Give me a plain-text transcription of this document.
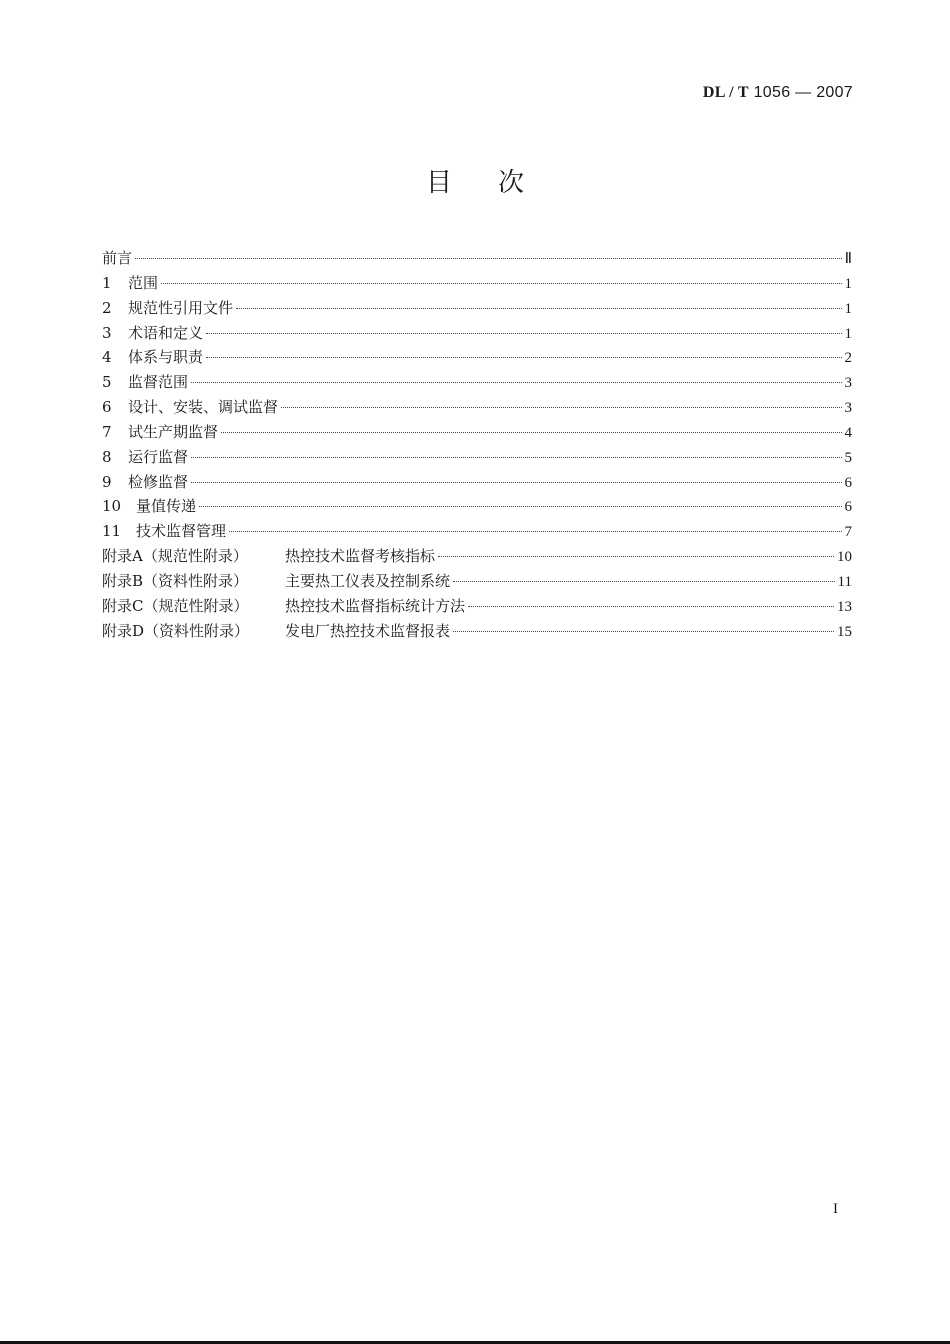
DL / T 1056 — 2007
目次
前言	Ⅱ
1	范围	1
2	规范性引用文件	1
3	术语和定义	1
4	体系与职责	2
5	监督范围	3
6	设计、安装、调试监督	3
7	试生产期监督	4
8	运行监督	5
9	检修监督	6
10 量值传递	6
11 技术监督管理	7
附录A（规范性附录）	热控技术监督考核指标	10
附录B（资料性附录）	主要热工仪表及控制系统	11
附录C（规范性附录）	热控技术监督指标统计方法	13
附录D（资料性附录）	发电厂热控技术监督报表	15
I
